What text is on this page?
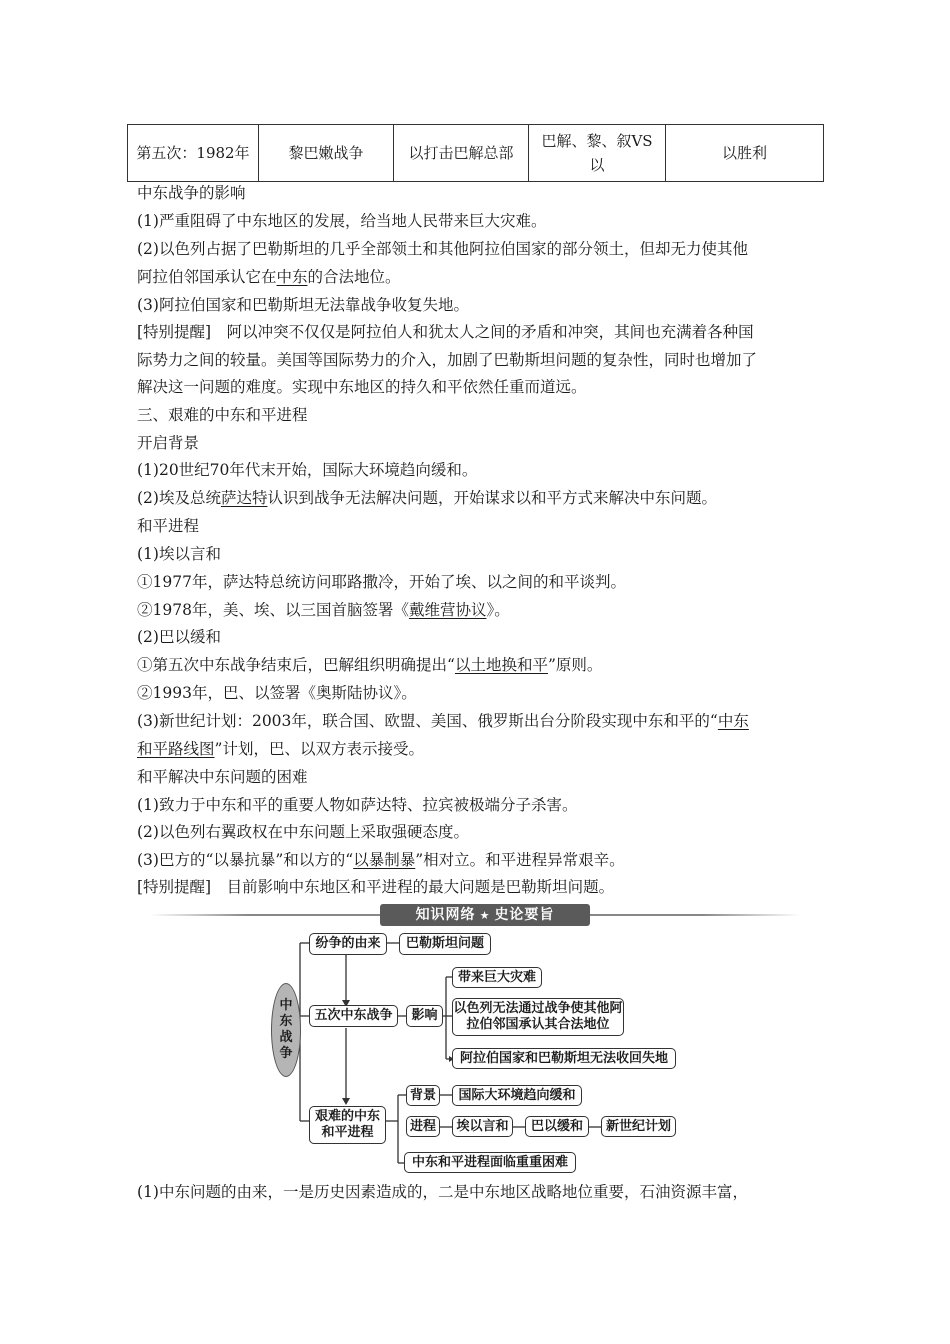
第五次：1982年	黎巴嫩战争	以打击巴解总部	巴解、黎、叙VS以	以胜利
中东战争的影响
(1)严重阻碍了中东地区的发展，给当地人民带来巨大灾难。
(2)以色列占据了巴勒斯坦的几乎全部领土和其他阿拉伯国家的部分领土，但却无力使其他
阿拉伯邻国承认它在中东的合法地位。
(3)阿拉伯国家和巴勒斯坦无法靠战争收复失地。
[特别提醒]　阿以冲突不仅仅是阿拉伯人和犹太人之间的矛盾和冲突，其间也充满着各种国
际势力之间的较量。美国等国际势力的介入，加剧了巴勒斯坦问题的复杂性，同时也增加了
解决这一问题的难度。实现中东地区的持久和平依然任重而道远。
三、艰难的中东和平进程
开启背景
(1)20世纪70年代末开始，国际大环境趋向缓和。
(2)埃及总统萨达特认识到战争无法解决问题，开始谋求以和平方式来解决中东问题。
和平进程
(1)埃以言和
①1977年，萨达特总统访问耶路撒冷，开始了埃、以之间的和平谈判。
②1978年，美、埃、以三国首脑签署《戴维营协议》。
(2)巴以缓和
①第五次中东战争结束后，巴解组织明确提出“以土地换和平”原则。
②1993年，巴、以签署《奥斯陆协议》。
(3)新世纪计划：2003年，联合国、欧盟、美国、俄罗斯出台分阶段实现中东和平的“中东
和平路线图”计划，巴、以双方表示接受。
和平解决中东问题的困难
(1)致力于中东和平的重要人物如萨达特、拉宾被极端分子杀害。
(2)以色列右翼政权在中东问题上采取强硬态度。
(3)巴方的“以暴抗暴”和以方的“以暴制暴”相对立。和平进程异常艰辛。
[特别提醒]　目前影响中东地区和平进程的最大问题是巴勒斯坦问题。
知识网络 ★ 史论要旨
中东战争
纷争的由来	巴勒斯坦问题
五次中东战争	影响
带来巨大灾难
以色列无法通过战争使其他阿拉伯邻国承认其合法地位
阿拉伯国家和巴勒斯坦无法收回失地
艰难的中东和平进程
背景	国际大环境趋向缓和
进程	埃以言和	巴以缓和	新世纪计划
中东和平进程面临重重困难
(1)中东问题的由来，一是历史因素造成的，二是中东地区战略地位重要，石油资源丰富，
